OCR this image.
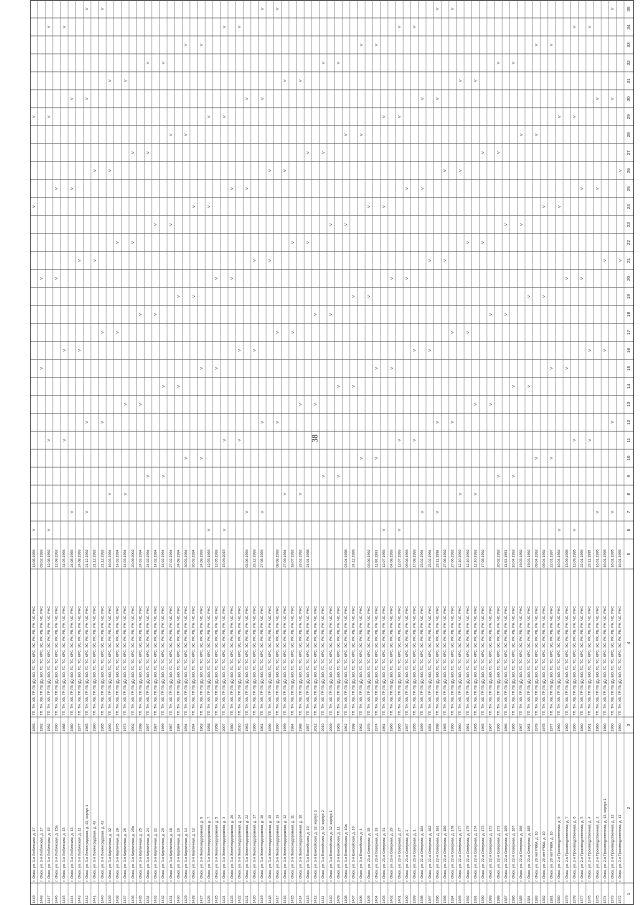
38
1
2
3
4
5
6
7
8
9
10
11
12
13
14
15
16
17
18
19
20
21
22
23
24
25
26
27
28
29
30
31
32
33
34
35
1372
г. Омск, ул. 2-я Производственная, д. 11
1960
ТП, ТН, ХВ, ГР, ГВ (Д), ВО, ГС, ТС, КРС, ЭС, РК, РВ, РН, ЧС, РНС
16.01.1995
V
V
1373
г. Омск, ул. 2-я Производственная, д. 13
1960
ТП, ТН, ХВ, ГР, ГВ (Д), ВО, ГС, ТС, КРС, ЭС, РК, РВ, РН, ЧС, РНС
16.01.1995
V
V
V
V
1374
г. Омск, ул. 2-я Производственная, д. 13, корпус 1
1960
ТП, ТН, ХВ, ГР, ГВ (Д), ВО, ГС, ТС, КРС, ЭС, РК, РВ, РН, ЧС, РНС
16.01.1995
V
V
1375
г. Омск, ул. 2-я Производственная, д. 2
1960
ТП, ТН, ХВ, ГР, ГВ (Д), ВО, ГС, ТС, КРС, ЭС, РК, РВ, РН, ЧС, РНС
16.01.1995
V
V
V
1376
г. Омск, ул. 2-я Производственная, д. 4
1961
ТП, ТН, ХВ, ГР, ГВ (Д), ВО, ГС, ТС, КРС, ЭС, РК, РВ, РН, ЧС, РНС
23.11.1995
V
V
V
1377
г. Омск, ул. 2-я Производственная, д. 5
1960
ТП, ТН, ХВ, ГР, ГВ (Д), ВО, ГС, ТС, КРС, ЭС, РК, РВ, РН, ЧС, РНС
22.01.1995
V
V
1378
г. Омск, ул. 2-я Производственная, д. 6
1960
ТП, ТН, ХВ, ГР, ГВ (Д), ВО, ГС, ТС, КРС, ЭС, РК, РВ, РН, ЧС, РНС
13.09.1995
V
V
V
V
1379
г. Омск, ул. 2-я Производственная, д. 7
1960
ТП, ТН, ХВ, ГР, ГВ (Д), ВО, ГС, ТС, КРС, ЭС, РК, РВ, РН, ЧС, РНС
13.09.1995
V
V
1380
г. Омск, ул. 2-я Производственная, д. 9
1960
ТП, ТН, ХВ, ГР, ГВ (Д), ВО, ГС, ТС, КРС, ЭС, РК, РВ, РН, ЧС, РНС
10.04.1992
V
V
V
1381
г. Омск, ул. 20 лет РККА, д. 10
1977
ТП, ТН, ХВ, ГР, ГВ (Д), ВО, ГС, ТС, КРС, ЭС, РК, РВ, РН, ЧС, РНС
22.01.1997
V
V
V
1382
г. Омск, ул. 20 лет РККА, д. 10
1978
ТП, ТН, ХВ, ГР, ГВ (Д), ВО, ГС, ТС, КРС, ЭС, РК, РВ, РН, ЧС, РНС
09.04.1992
V
V
1383
г. Омск, ул. 20 лет РККА, д. 10
1978
ТП, ТН, ХВ, ГР, ГВ (Д), ВО, ГС, ТС, КРС, ЭС, РК, РВ, РН, ЧС, РНС
09.04.1992
V
V
V
1384
г. Омск, ул. 22-я Северная, д. 165
1961
ТП, ТН, ХВ, ГР, ГВ (Д), ВО, ГС, ТС, КРС, ЭС, РК, РВ, РН, ЧС, РНС
19.03.1992
V
V
1385
г. Омск, ул. 22-я Северная, д. 166
1967
ТП, ТН, ХВ, ГР, ГВ (Д), ВО, ГС, ТС, КРС, ЭС, РК, РВ, РН, ЧС, РНС
19.03.1992
V
V
1386
г. Омск, ул. 22-я Северная, д. 167
1966
ТП, ТН, ХВ, ГР, ГВ (Д), ВО, ГС, ТС, КРС, ЭС, РК, РВ, РН, ЧС, РНС
10.04.1992
V
V
V
1387
г. Омск, ул. 22-я Северная, д. 169
1966
ТП, ТН, ХВ, ГР, ГВ (Д), ВО, ГС, ТС, КРС, ЭС, РК, РВ, РН, ЧС, РНС
11.03.1993
V
V
1388
г. Омск, ул. 22-я Северная, д. 171
1966
ТП, ТН, ХВ, ГР, ГВ (Д), ВО, ГС, ТС, КРС, ЭС, РК, РВ, РН, ЧС, РНС
20.02.1992
V
V
V
1389
г. Омск, ул. 22-я Северная, д. 172
1967
ТП, ТН, ХВ, ГР, ГВ (Д), ВО, ГС, ТС, КРС, ЭС, РК, РВ, РН, ЧС, РНС
V
V
1390
г. Омск, ул. 22-я Северная, д. 173
1965
ТП, ТН, ХВ, ГР, ГВ (Д), ВО, ГС, ТС, КРС, ЭС, РК, РВ, РН, ЧС, РНС
17.08.1992
V
V
1391
г. Омск, ул. 22-я Северная, д. 174
1965
ТП, ТН, ХВ, ГР, ГВ (Д), ВО, ГС, ТС, КРС, ЭС, РК, РВ, РН, ЧС, РНС
12.10.1992
V
V
V
1392
г. Омск, ул. 22-я Северная, д. 175
1961
ТП, ТН, ХВ, ГР, ГВ (Д), ВО, ГС, ТС, КРС, ЭС, РК, РВ, РН, ЧС, РНС
12.10.1992
V
V
1393
г. Омск, ул. 22-я Северная, д. 177
1960
ТП, ТН, ХВ, ГР, ГВ (Д), ВО, ГС, ТС, КРС, ЭС, РК, РВ, РН, ЧС, РНС
12.10.1992
V
V
V
1394
г. Омск, ул. 22-я Северная, д. 178
1960
ТП, ТН, ХВ, ГР, ГВ (Д), ВО, ГС, ТС, КРС, ЭС, РК, РВ, РН, ЧС, РНС
27.06.1992
V
V
V
1395
г. Омск, ул. 22-я Северная, д. 180
1965
ТП, ТН, ХВ, ГР, ГВ (Д), ВО, ГС, ТС, КРС, ЭС, РК, РВ, РН, ЧС, РНС
27.06.1992
V
V
1396
г. Омск, ул. 22-я Северная, д. 181
1998
ТП, ТН, ХВ, ГР, ГВ (Д), ВО, ГС, ТС, КРС, ЭС, РК, РВ, РН, ЧС, РНС
23.11.1998
V
V
V
V
1397
г. Омск, ул. 22-я Северная, д. 182
1954
ТП, ТН, ХВ, ГР, ГВ (Д), ВО, ГС, ТС, КРС, ЭС, РК, РВ, РН, ЧС, РНС
23.02.1994
V
V
1398
г. Омск, ул. 22-я Северная, д. 184
1999
ТП, ТН, ХВ, ГР, ГВ (Д), ВО, ГС, ТС, КРС, ЭС, РК, РВ, РН, ЧС, РНС
23.02.1994
V
V
V
1399
г. Омск, ул. 23-я Северная, д. 1
1955
ТП, ТН, ХВ, ГР, ГВ (Д), ВО, ГС, ТС, КРС, ЭС, РК, РВ, РН, ЧС, РНС
17.08.1993
V
V
V
1400
г. Омск, ул. 23-я Северная, д. 2
1957
ТП, ТН, ХВ, ГР, ГВ (Д), ВО, ГС, ТС, КРС, ЭС, РК, РВ, РН, ЧС, РНС
09.08.1993
V
V
1401
г. Омск, ул. 23-я Северная, д. 27
1965
ТП, ТН, ХВ, ГР, ГВ (Д), ВО, ГС, ТС, КРС, ЭС, РК, РВ, РН, ЧС, РНС
12.07.1993
V
V
V
V
1402
г. Омск, ул. 23-я Северная, д. 29
1960
ТП, ТН, ХВ, ГР, ГВ (Д), ВО, ГС, ТС, КРС, ЭС, РК, РВ, РН, ЧС, РНС
04.08.1993
V
V
1403
г. Омск, ул. 23-я Северная, д. 31
1961
ТП, ТН, ХВ, ГР, ГВ (Д), ВО, ГС, ТС, КРС, ЭС, РК, РВ, РН, ЧС, РНС
12.07.1993
V
V
V
1404
г. Омск, ул. 23-я Северная, д. 33
1974
ТП, ТН, ХВ, ГР, ГВ (Д), ВО, ГС, ТС, КРС, ЭС, РК, РВ, РН, ЧС, РНС
11.06.1993
V
V
V
1405
г. Омск, ул. 23-я Северная, д. 35
1976
ТП, ТН, ХВ, ГР, ГВ (Д), ВО, ГС, ТС, КРС, ЭС, РК, РВ, РН, ЧС, РНС
03.06.1992
V
V
1406
г. Омск, ул. 3-я Енисейская, д. 1
1962
ТП, ТН, ХВ, ГР, ГВ (Д), ВО, ГС, ТС, КРС, ЭС, РК, РВ, РН, ЧС, РНС
V
V
V
1407
г. Омск, ул. 3-я Енисейская, д. 10
1998
ТП, ТН, ХВ, ГР, ГВ (Д), ВО, ГС, ТС, КРС, ЭС, РК, РВ, РН, ЧС, РНС
24.12.1999
V
V
1408
г. Омск, ул. 3-я Енисейская, д. 10а
1962
ТП, ТН, ХВ, ГР, ГВ (Д), ВО, ГС, ТС, КРС, ЭС, РК, РВ, РН, ЧС, РНС
03.04.1998
V
V
1409
г. Омск, ул. 3-я Енисейская, д. 11
1963
ТП, ТН, ХВ, ГР, ГВ (Д), ВО, ГС, ТС, КРС, ЭС, РК, РВ, РН, ЧС, РНС
V
V
V
1410
г. Омск, ул. 3-я Енисейская, д. 32, корпус 1
2009
ТП, ТН, ХВ, ГР, ГВ (Д), ВО, ГС, ТС, КРС, ЭС, РК, РВ, РН, ЧС, РНС
V
V
1411
г. Омск, ул. 3-я Енисейская, д. 32, корпус 2
2010
ТП, ТН, ХВ, ГР, ГВ (Д), ВО, ГС, ТС, КРС, ЭС, РК, РВ, РН, ЧС, РНС
V
V
V
1412
г. Омск, ул. 3-я Енисейская, д. 32, корпус 3
2012
ТП, ТН, ХВ, ГР, ГВ (Д), ВО, ГС, ТС, КРС, ЭС, РК, РВ, РН, ЧС, РНС
V
V
1413
г. Омск, ул. 3-я Енисейская, д. 10
1957
ТП, ТН, ХВ, ГР, ГВ (Д), ВО, ГС, ТС, КРС, ЭС, РК, РВ, РН, ЧС, РНС
24.04.1998
V
V
1414
г. Омск, ул. 3-я Железнодорожная, д. 10
1988
ТП, ТН, ХВ, ГР, ГВ (Д), ВО, ГС, ТС, КРС, ЭС, РК, РВ, РН, ЧС, РНС
23.02.1992
V
V
V
1415
г. Омск, ул. 3-я Железнодорожная, д. 11
1984
ТП, ТН, ХВ, ГР, ГВ (Д), ВО, ГС, ТС, КРС, ЭС, РК, РВ, РН, ЧС, РНС
18.07.1992
V
V
1416
г. Омск, ул. 3-я Железнодорожная, д. 12
1999
ТП, ТН, ХВ, ГР, ГВ (Д), ВО, ГС, ТС, КРС, ЭС, РК, РВ, РН, ЧС, РНС
27.09.1994
V
V
V
1417
г. Омск, ул. 3-я Железнодорожная, д. 13
1990
ТП, ТН, ХВ, ГР, ГВ (Д), ВО, ГС, ТС, КРС, ЭС, РК, РВ, РН, ЧС, РНС
08.08.1993
V
V
V
1418
г. Омск, ул. 3-я Железнодорожная, д. 15
1996
ТП, ТН, ХВ, ГР, ГВ (Д), ВО, ГС, ТС, КРС, ЭС, РК, РВ, РН, ЧС, РНС
V
V
1419
г. Омск, ул. 3-я Железнодорожная, д. 16
1961
ТП, ТН, ХВ, ГР, ГВ (Д), ВО, ГС, ТС, КРС, ЭС, РК, РВ, РН, ЧС, РНС
27.08.1993
V
V
V
V
1420
г. Омск, ул. 3-я Железнодорожная, д. 17
1960
ТП, ТН, ХВ, ГР, ГВ (Д), ВО, ГС, ТС, КРС, ЭС, РК, РВ, РН, ЧС, РНС
23.12.1993
V
V
1421
г. Омск, ул. 3-я Железнодорожная, д. 22
1963
ТП, ТН, ХВ, ГР, ГВ (Д), ВО, ГС, ТС, КРС, ЭС, РК, РВ, РН, ЧС, РНС
03.06.1993
V
V
V
1422
г. Омск, ул. 3-я Железнодорожная, д. 24
2010
ТП, ТН, ХВ, ГР, ГВ (Д), ВО, ГС, ТС, КРС, ЭС, РК, РВ, РН, ЧС, РНС
V
V
V
1423
г. Омск, ул. 3-я Железнодорожная, д. 26
1980
ТП, ТН, ХВ, ГР, ГВ (Д), ВО, ГС, ТС, КРС, ЭС, РК, РВ, РН, ЧС, РНС
V
V
1424
г. Омск, ул. 3-я Железнодорожная, д. 3
2007
ТП, ТН, ХВ, ГР, ГВ (Д), ВО, ГС, ТС, КРС, ЭС, РК, РВ, РН, ЧС, РНС
15.09.2015
V
V
V
V
1425
г. Омск, ул. 3-я Железнодорожная, д. 5
1958
ТП, ТН, ХВ, ГР, ГВ (Д), ВО, ГС, ТС, КРС, ЭС, РК, РВ, РН, ЧС, РНС
12.05.1993
V
V
1426
г. Омск, ул. 3-я Железнодорожная, д. 7
1958
ТП, ТН, ХВ, ГР, ГВ (Д), ВО, ГС, ТС, КРС, ЭС, РК, РВ, РН, ЧС, РНС
12.05.1993
V
V
V
1427
г. Омск, ул. 3-я Железнодорожная, д. 9
1963
ТП, ТН, ХВ, ГР, ГВ (Д), ВО, ГС, ТС, КРС, ЭС, РК, РВ, РН, ЧС, РНС
24.08.1993
V
V
V
1428
г. Омск, ул. 3-я Кирпичная, д. 12
1994
ТП, ТН, ХВ, ГР, ГВ (Д), ВО, ГС, ТС, КРС, ЭС, РК, РВ, РН, ЧС, РНС
30.03.1994
V
V
1429
г. Омск, ул. 3-я Кирпичная, д. 14
1994
ТП, ТН, ХВ, ГР, ГВ (Д), ВО, ГС, ТС, КРС, ЭС, РК, РВ, РН, ЧС, РНС
30.03.1994
V
V
V
1430
г. Омск, ул. 3-я Кирпичная, д. 16
1984
ТП, ТН, ХВ, ГР, ГВ (Д), ВО, ГС, ТС, КРС, ЭС, РК, РВ, РН, ЧС, РНС
24.08.1994
V
V
1431
г. Омск, ул. 3-я Кирпичная, д. 18
1987
ТП, ТН, ХВ, ГР, ГВ (Д), ВО, ГС, ТС, КРС, ЭС, РК, РВ, РН, ЧС, РНС
27.02.1994
V
V
1432
г. Омск, ул. 3-я Кирпичная, д. 20
1999
ТП, ТН, ХВ, ГР, ГВ (Д), ВО, ГС, ТС, КРС, ЭС, РК, РВ, РН, ЧС, РНС
14.02.1994
V
V
V
1433
г. Омск, ул. 3-я Кирпичная, д. 22
1987
ТП, ТН, ХВ, ГР, ГВ (Д), ВО, ГС, ТС, КРС, ЭС, РК, РВ, РН, ЧС, РНС
14.02.1994
V
V
1434
г. Омск, ул. 3-я Кирпичная, д. 24
1997
ТП, ТН, ХВ, ГР, ГВ (Д), ВО, ГС, ТС, КРС, ЭС, РК, РВ, РН, ЧС, РНС
24.02.1994
V
V
V
1435
г. Омск, ул. 3-я Кирпичная, д. 25
1998
ТП, ТН, ХВ, ГР, ГВ (Д), ВО, ГС, ТС, КРС, ЭС, РК, РВ, РН, ЧС, РНС
24.03.1994
V
V
1436
г. Омск, ул. 3-я Кирпичная, д. 25а
2002
ТП, ТН, ХВ, ГР, ГВ (Д), ВО, ГС, ТС, КРС, ЭС, РК, РВ, РН, ЧС, РНС
20.09.2002
V
V
1437
г. Омск, ул. 3-я Кирпичная, д. 26
1973
ТП, ТН, ХВ, ГР, ГВ (Д), ВО, ГС, ТС, КРС, ЭС, РК, РВ, РН, ЧС, РНС
14.03.1994
V
V
V
1438
г. Омск, ул. 3-я Кирпичная, д. 28
1975
ТП, ТН, ХВ, ГР, ГВ (Д), ВО, ГС, ТС, КРС, ЭС, РК, РВ, РН, ЧС, РНС
14.03.1994
V
V
1439
г. Омск, ул. 3-я Кирпичная, д. 32
1990
ТП, ТН, ХВ, ГР, ГВ (Д), ВО, ГС, ТС, КРС, ЭС, РК, РВ, РН, ЧС, РНС
16.03.1994
V
V
V
1440
г. Омск, ул. 3-я Ленинградская, д. 41
1965
ТП, ТН, ХВ, ГР, ГВ (Д), ВО, ГС, ТС, КРС, ЭС, РК, РВ, РН, ЧС, РНС
21.12.1992
V
V
V
1441
г. Омск, ул. 3-я Ленинградская, д. 43
1980
ТП, ТН, ХВ, ГР, ГВ (Д), ВО, ГС, ТС, КРС, ЭС, РК, РВ, РН, ЧС, РНС
21.12.1992
V
V
1442
г. Омск, ул. 3-я Ленинградская, д. 43, корпус 1
1965
ТП, ТН, ХВ, ГР, ГВ (Д), ВО, ГС, ТС, КРС, ЭС, РК, РВ, РН, ЧС, РНС
21.12.1992
V
V
V
V
1443
г. Омск, ул. 3-я Любинская, д. 11
1977
ТП, ТН, ХВ, ГР, ГВ (Д), ВО, ГС, ТС, КРС, ЭС, РК, РВ, РН, ЧС, РНС
24.08.1993
V
V
1444
г. Омск, ул. 3-я Любинская, д. 13
1980
ТП, ТН, ХВ, ГР, ГВ (Д), ВО, ГС, ТС, КРС, ЭС, РК, РВ, РН, ЧС, РНС
24.08.1993
V
V
V
1445
г. Омск, ул. 3-я Любинская, д. 15
1988
ТП, ТН, ХВ, ГР, ГВ (Д), ВО, ГС, ТС, КРС, ЭС, РК, РВ, РН, ЧС, РНС
31.05.1993
V
V
V
1446
г. Омск, ул. 3-я Любинская, д. 15а
1990
ТП, ТН, ХВ, ГР, ГВ (Д), ВО, ГС, ТС, КРС, ЭС, РК, РВ, РН, ЧС, РНС
12.08.1992
V
V
1447
г. Омск, ул. 3-я Любинская, д. 15
1992
ТП, ТН, ХВ, ГР, ГВ (Д), ВО, ГС, ТС, КРС, ЭС, РК, РВ, РН, ЧС, РНС
12.08.1992
V
V
V
V
1448
г. Омск, ул. 3-я Любинская, д. 17
1992
ТП, ТН, ХВ, ГР, ГВ (Д), ВО, ГС, ТС, КРС, ЭС, РК, РВ, РН, ЧС, РНС
09.02.1993
V
V
1449
г. Омск, ул. 3-я Любинская, д. 17
1993
ТП, ТН, ХВ, ГР, ГВ (Д), ВО, ГС, ТС, КРС, ЭС, РК, РВ, РН, ЧС, РНС
13.08.1993
V
V
V
